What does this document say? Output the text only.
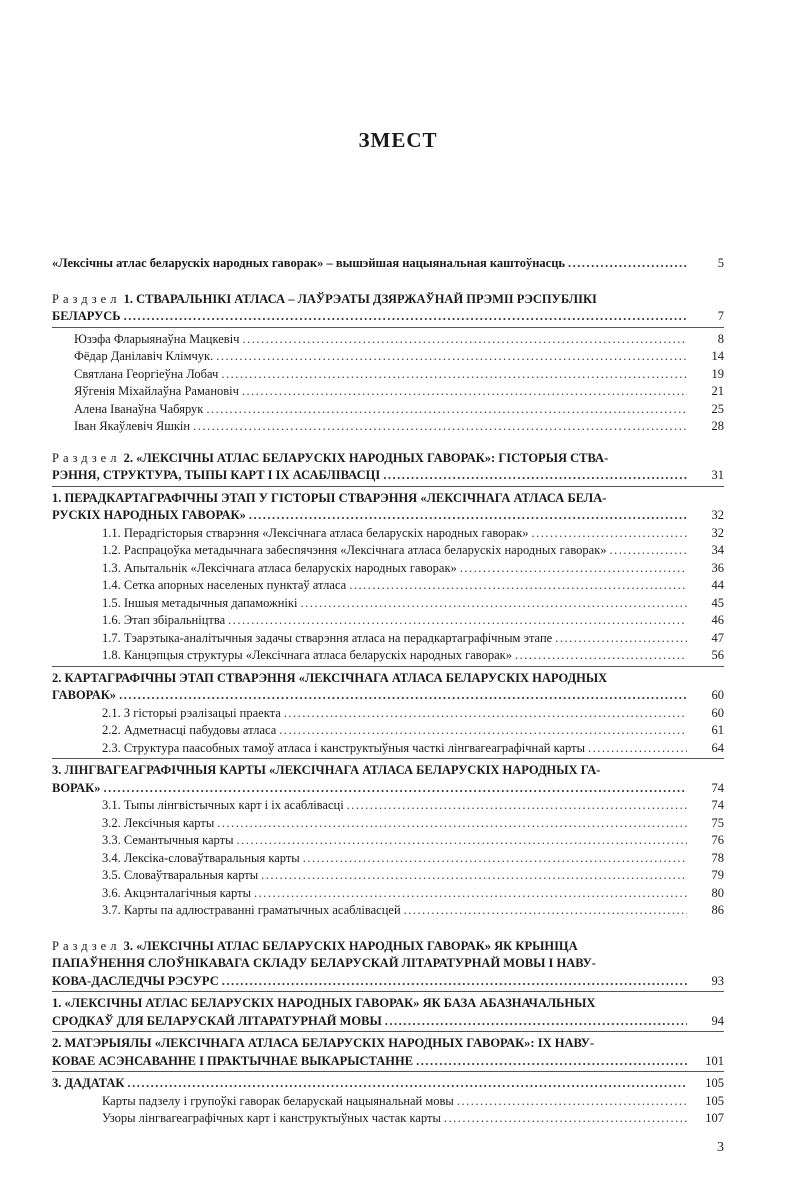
ЗМЕСТ
«Лексічны атлас беларускіх народных гаворак» – вышэйшая нацыянальная каштоўнасць .....	5
Раздзел 1. СТВАРАЛЬНІКІ АТЛАСА – ЛАЎРЭАТЫ ДЗЯРЖАЎНАЙ ПРЭМІІ РЭСПУБЛІКІ
БЕЛАРУСЬ .....	7
Юзэфа Фларыянаўна Мацкевіч .....	8
Фёдар Данілавіч Клімчук. .....	14
Святлана Георгіеўна Лобач .....	19
Яўгенія Міхайлаўна Рамановіч .....	21
Алена Іванаўна Чабярук .....	25
Іван Якаўлевіч Яшкін .....	28
Раздзел 2. «ЛЕКСІЧНЫ АТЛАС БЕЛАРУСКІХ НАРОДНЫХ ГАВОРАК»: ГІСТОРЫЯ СТВА-
РЭННЯ, СТРУКТУРА, ТЫПЫ КАРТ І ІХ АСАБЛІВАСЦІ .....	31
1. ПЕРАДКАРТАГРАФІЧНЫ ЭТАП У ГІСТОРЫІ СТВАРЭННЯ «ЛЕКСІЧНАГА АТЛАСА БЕЛА-
РУСКІХ НАРОДНЫХ ГАВОРАК» .....	32
1.1. Перадгісторыя стварэння «Лексічнага атласа беларускіх народных гаворак» .....	32
1.2. Распрацоўка метадычнага забеспячэння «Лексічнага атласа беларускіх народных гаворак» .....	34
1.3. Апытальнік «Лексічнага атласа беларускіх народных гаворак» .....	36
1.4. Сетка апорных населеных пунктаў атласа .....	44
1.5. Іншыя метадычныя дапаможнікі .....	45
1.6. Этап збіральніцтва .....	46
1.7. Тэарэтыка-аналітычныя задачы стварэння атласа на перадкартаграфічным этапе .....	47
1.8. Канцэпцыя структуры «Лексічнага атласа беларускіх народных гаворак» .....	56
2. КАРТАГРАФІЧНЫ ЭТАП СТВАРЭННЯ «ЛЕКСІЧНАГА АТЛАСА БЕЛАРУСКІХ НАРОДНЫХ
ГАВОРАК» .....	60
2.1. З гісторыі рэалізацыі праекта .....	60
2.2. Адметнасці пабудовы атласа .....	61
2.3. Структура паасобных тамоў атласа і канструктыўныя часткі лінгвагеаграфічнай карты .....	64
3. ЛІНГВАГЕАГРАФІЧНЫЯ КАРТЫ «ЛЕКСІЧНАГА АТЛАСА БЕЛАРУСКІХ НАРОДНЫХ ГА-
ВОРАК» .....	74
3.1. Тыпы лінгвістычных карт і іх асаблівасці .....	74
3.2. Лексічныя карты .....	75
3.3. Семантычныя карты .....	76
3.4. Лексіка-словаўтваральныя карты .....	78
3.5. Словаўтваральныя карты .....	79
3.6. Акцэнталагічныя карты .....	80
3.7. Карты па адлюстраванні граматычных асаблівасцей .....	86
Раздзел 3. «ЛЕКСІЧНЫ АТЛАС БЕЛАРУСКІХ НАРОДНЫХ ГАВОРАК» ЯК КРЫНІЦА
ПАПАЎНЕННЯ СЛОЎНІКАВАГА СКЛАДУ БЕЛАРУСКАЙ ЛІТАРАТУРНАЙ МОВЫ І НАВУ-
КОВА-ДАСЛЕДЧЫ РЭСУРС .....	93
1. «ЛЕКСІЧНЫ АТЛАС БЕЛАРУСКІХ НАРОДНЫХ ГАВОРАК» ЯК БАЗА АБАЗНАЧАЛЬНЫХ
СРОДКАЎ ДЛЯ БЕЛАРУСКАЙ ЛІТАРАТУРНАЙ МОВЫ .....	94
2. МАТЭРЫЯЛЫ «ЛЕКСІЧНАГА АТЛАСА БЕЛАРУСКІХ НАРОДНЫХ ГАВОРАК»: ІХ НАВУ-
КОВАЕ АСЭНСАВАННЕ І ПРАКТЫЧНАЕ ВЫКАРЫСТАННЕ .....	101
3. ДАДАТАК .....	105
Карты падзелу і групоўкі гаворак беларускай нацыянальнай мовы .....	105
Узоры лінгвагеаграфічных карт і канструктыўных частак карты .....	107
3
